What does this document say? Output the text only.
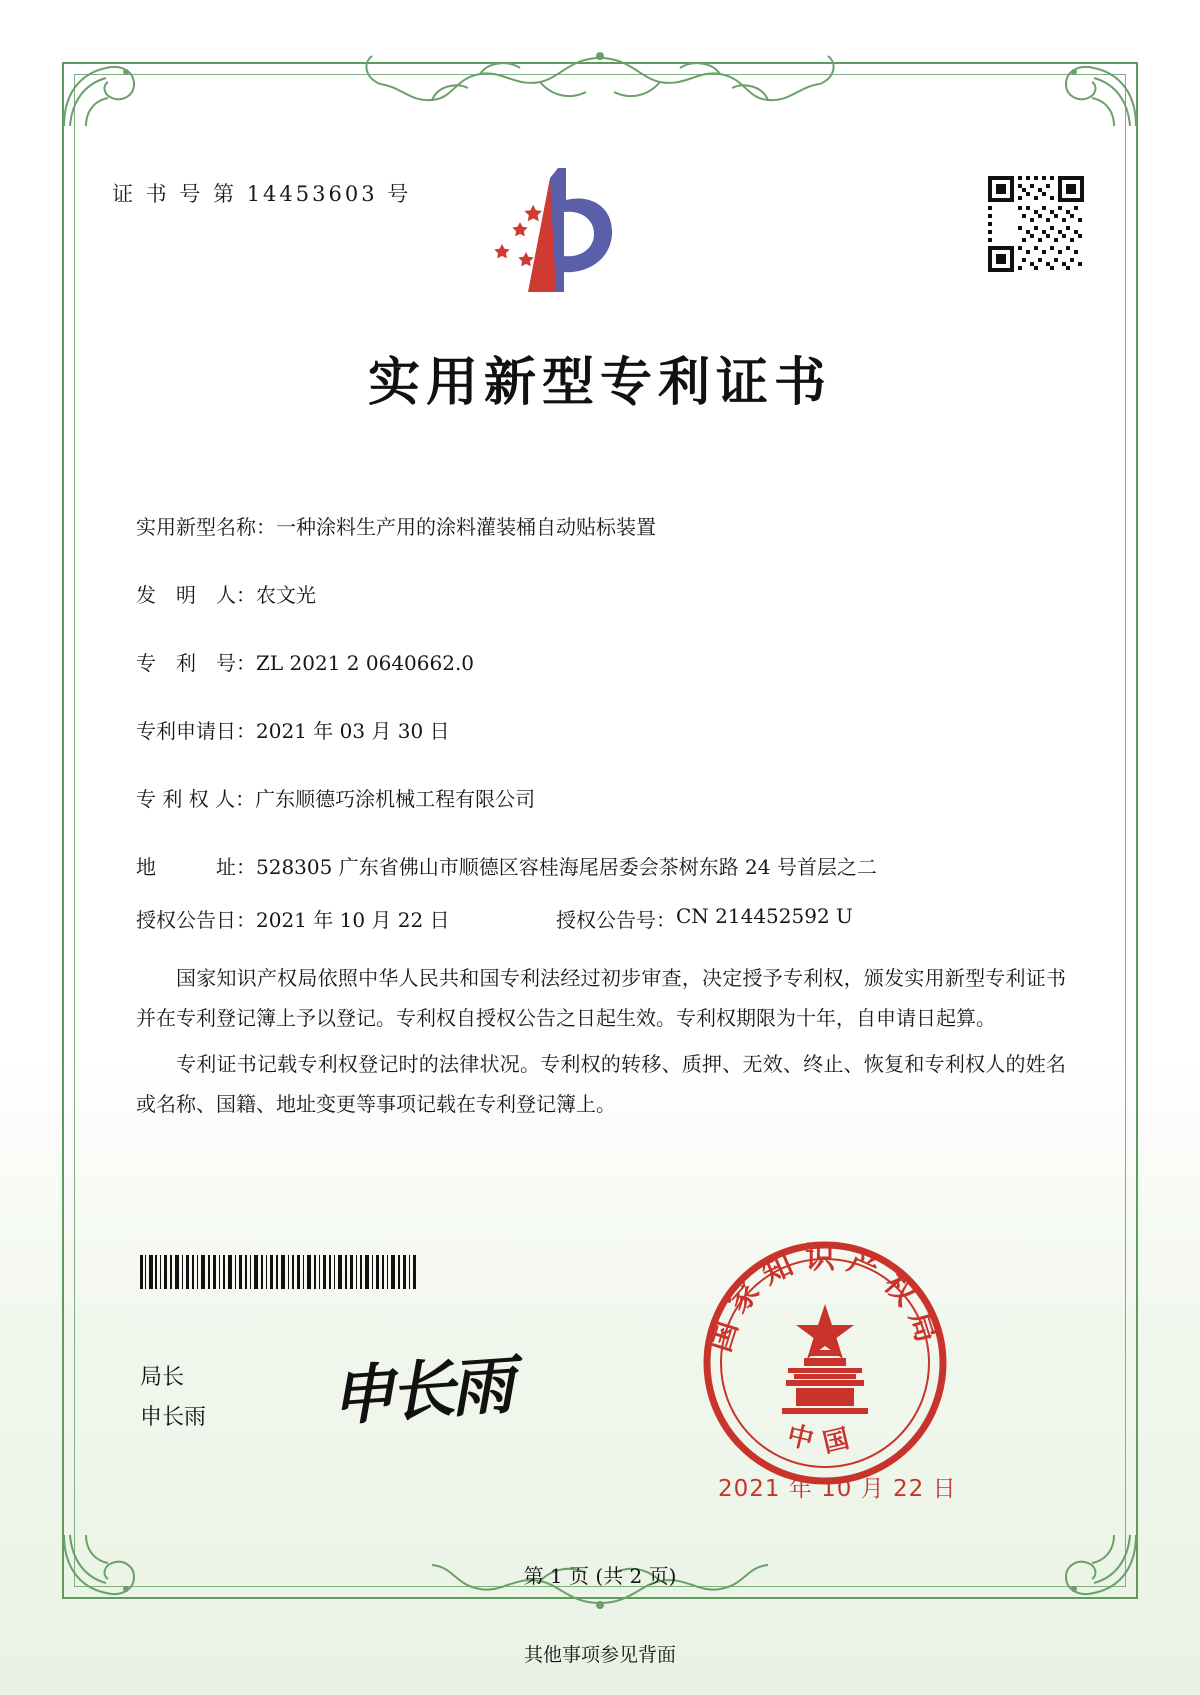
证 书 号 第 14453603 号
实用新型专利证书
实用新型名称： 一种涂料生产用的涂料灌装桶自动贴标装置
发　明　人： 农文光
专　利　号： ZL 2021 2 0640662.0
专利申请日： 2021 年 03 月 30 日
专 利 权 人： 广东顺德巧涂机械工程有限公司
地　　　址： 528305 广东省佛山市顺德区容桂海尾居委会茶树东路 24 号首层之二
授权公告日： 2021 年 10 月 22 日	授权公告号： CN 214452592 U
国家知识产权局依照中华人民共和国专利法经过初步审查，决定授予专利权，颁发实用新型专利证书并在专利登记簿上予以登记。专利权自授权公告之日起生效。专利权期限为十年，自申请日起算。
专利证书记载专利权登记时的法律状况。专利权的转移、质押、无效、终止、恢复和专利权人的姓名或名称、国籍、地址变更等事项记载在专利登记簿上。
局长
申长雨 申长雨
国家知识产权局
中国
2021 年 10 月 22 日
第 1 页 (共 2 页)
其他事项参见背面
